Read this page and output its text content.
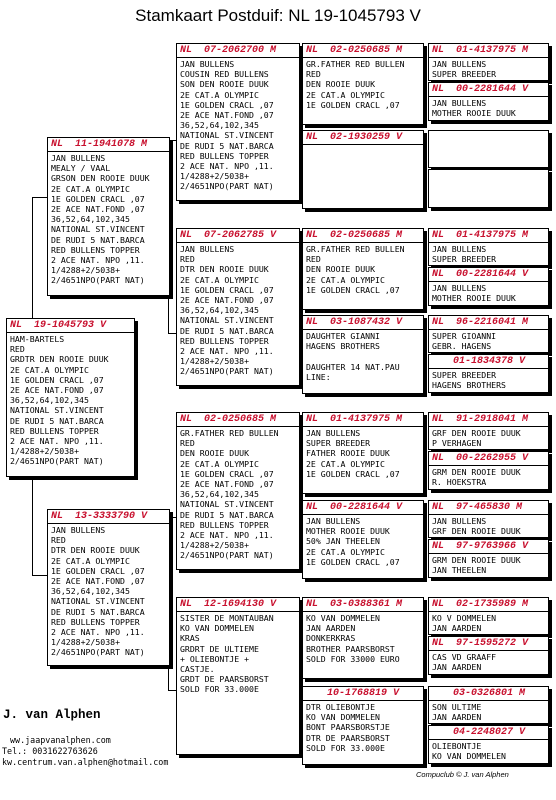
Stamkaart Postduif: NL 19-1045793 V
NL  19-1045793 V
HAM-BARTELS
RED
GRDTR DEN ROOIE DUUK
2E CAT.A OLYMPIC
1E GOLDEN CRACL ,07
2E ACE NAT.FOND ,07
36,52,64,102,345
NATIONAL ST.VINCENT
DE RUDI 5 NAT.BARCA
RED BULLENS TOPPER
2 ACE NAT. NPO ,11.
1/4288+2/5038+
2/4651NPO(PART NAT)
NL  11-1941078 M
JAN BULLENS
MEALY / VAAL
GRSON DEN ROOIE DUUK
2E CAT.A OLYMPIC
1E GOLDEN CRACL ,07
2E ACE NAT.FOND ,07
36,52,64,102,345
NATIONAL ST.VINCENT
DE RUDI 5 NAT.BARCA
RED BULLENS TOPPER
2 ACE NAT. NPO ,11.
1/4288+2/5038+
2/4651NPO(PART NAT)
NL  13-3333790 V
JAN BULLENS
RED
DTR DEN ROOIE DUUK
2E CAT.A OLYMPIC
1E GOLDEN CRACL ,07
2E ACE NAT.FOND ,07
36,52,64,102,345
NATIONAL ST.VINCENT
DE RUDI 5 NAT.BARCA
RED BULLENS TOPPER
2 ACE NAT. NPO ,11.
1/4288+2/5038+
2/4651NPO(PART NAT)
NL  07-2062700 M
JAN BULLENS
COUSIN RED BULLENS
SON DEN ROOIE DUUK
2E CAT.A OLYMPIC
1E GOLDEN CRACL ,07
2E ACE NAT.FOND ,07
36,52,64,102,345
NATIONAL ST.VINCENT
DE RUDI 5 NAT.BARCA
RED BULLENS TOPPER
2 ACE NAT. NPO ,11.
1/4288+2/5038+
2/4651NPO(PART NAT)
NL  07-2062785 V
JAN BULLENS
RED
DTR DEN ROOIE DUUK
2E CAT.A OLYMPIC
1E GOLDEN CRACL ,07
2E ACE NAT.FOND ,07
36,52,64,102,345
NATIONAL ST.VINCENT
DE RUDI 5 NAT.BARCA
RED BULLENS TOPPER
2 ACE NAT. NPO ,11.
1/4288+2/5038+
2/4651NPO(PART NAT)
NL  02-0250685 M
GR.FATHER RED BULLEN
RED
DEN ROOIE DUUK
2E CAT.A OLYMPIC
1E GOLDEN CRACL ,07
2E ACE NAT.FOND ,07
36,52,64,102,345
NATIONAL ST.VINCENT
DE RUDI 5 NAT.BARCA
RED BULLENS TOPPER
2 ACE NAT. NPO ,11.
1/4288+2/5038+
2/4651NPO(PART NAT)
NL  12-1694130 V
SISTER DE MONTAUBAN
KO VAN DOMMELEN
KRAS
GRDRT DE ULTIEME
+ OLIEBONTJE +
CASTJE.
GRDT DE PAARSBORST
SOLD FOR 33.000E
NL  02-0250685 M
GR.FATHER RED BULLEN
RED
DEN ROOIE DUUK
2E CAT.A OLYMPIC
1E GOLDEN CRACL ,07
NL  02-1930259 V
NL  02-0250685 M
GR.FATHER RED BULLEN
RED
DEN ROOIE DUUK
2E CAT.A OLYMPIC
1E GOLDEN CRACL ,07
NL  03-1087432 V
DAUGHTER GIANNI
HAGENS BROTHERS

DAUGHTER 14 NAT.PAU
LINE:
NL  01-4137975 M
JAN BULLENS
SUPER BREEDER
FATHER ROOIE DUUK
2E CAT.A OLYMPIC
1E GOLDEN CRACL ,07
NL  00-2281644 V
JAN BULLENS
MOTHER ROOIE DUUK
50% JAN THEELEN
2E CAT.A OLYMPIC
1E GOLDEN CRACL ,07
NL  03-0388361 M
KO VAN DOMMELEN
JAN AARDEN
DONKERKRAS
BROTHER PAARSBORST
SOLD FOR 33000 EURO
10-1768819 V
DTR OLIEBONTJE
KO VAN DOMMELEN
BONT PAARSBORSTJE
DTR DE PAARSBORST
SOLD FOR 33.000E
NL  01-4137975 M
JAN BULLENS
SUPER BREEDER
NL  00-2281644 V
JAN BULLENS
MOTHER ROOIE DUUK
NL  01-4137975 M
JAN BULLENS
SUPER BREEDER
NL  00-2281644 V
JAN BULLENS
MOTHER ROOIE DUUK
NL  96-2216041 M
SUPER GIOANNI
GEBR. HAGENS
01-1834378 V
SUPER BREEDER
HAGENS BROTHERS
NL  91-2918041 M
GRF DEN ROOIE DUUK
P VERHAGEN
NL  00-2262955 V
GRM DEN ROOIE DUUK
R. HOEKSTRA
NL  97-465830 M
JAN BULLENS
GRF DEN ROOIE DUUK
NL  97-9763966 V
GRM DEN ROOIE DUUK
JAN THEELEN
NL  02-1735989 M
KO V DOMMELEN
JAN AARDEN
NL  97-1595272 V
CAS VD GRAAFF
JAN AARDEN
03-0326801 M
SON ULTIME
JAN AARDEN
04-2248027 V
OLIEBONTJE
KO VAN DOMMELEN
J. van Alphen
ww.jaapvanalphen.com
Tel.: 0031622763626
kw.centrum.van.alphen@hotmail.com
Compuclub © J. van Alphen
